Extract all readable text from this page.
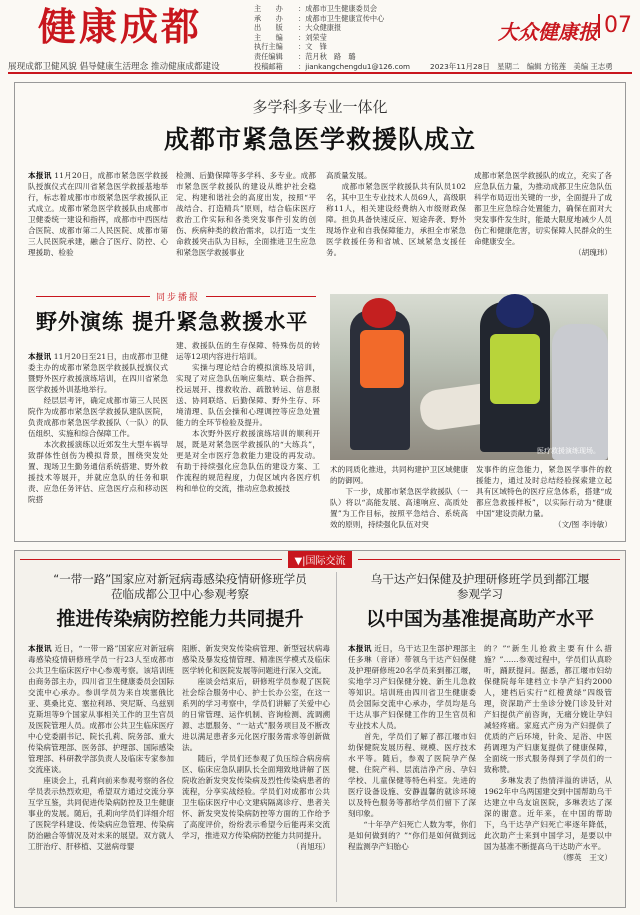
健康成都
展现成都卫健风貌 倡导健康生活理念 推动健康成都建设
主　　办	： 成都市卫生健康委员会
承　　办	： 成都市卫生健康宣传中心
出　　版	： 大众健康报
主　　编	： 刘荣莹
执行主编	： 文　锋
责任编辑	： 范月秋　路　璐
投稿邮箱	： jiankangchengdu1@126.com
大众健康报 07
2023年11月28日 星期二 编辑 方铭莲 美编 王志勇
多学科多专业一体化
成都市紧急医学救援队成立
本报讯 11月20日，成都市紧急医学救援队授旗仪式在四川省紧急医学救援基地举行，标志着成都市市级紧急医学救援队正式成立。成都市紧急医学救援队由成都市卫健委统一建设和指挥，成都市中西医结合医院、成都市第二人民医院、成都市第三人民医院承建，融合了医疗、防控、心理援助、检验
检测、后勤保障等多学科、多专业。成都市紧急医学救援队的建设从维护社会稳定、构建和谐社会的高度出发，按照“平战结合、打造精兵”原则，结合临床医疗救治工作实际和各类突发事件引发的创伤、疾病种类的救治需求，以打造一支生命救援突击队为目标，全面推进卫生应急和紧急医学救援事业
高质量发展。
　　成都市紧急医学救援队共有队员102名，其中卫生专业技术人员69人，高级职称11人，相关建设经费纳入市级财政保障。担负具备快速反应、短途奔袭、野外现场作业和自我保障能力，承担全市紧急医学救援任务和省城、区域紧急支援任务。
成都市紧急医学救援队的成立，充实了各应急队伍力量，为推动成都卫生应急队伍科学布局迈出关键的一步，全面提升了成都卫生应急综合处置能力，确保在面对大突发事件发生时，能最大限度地减少人员伤亡和健康危害，切实保障人民群众的生命健康安全。
（胡瑰玮）
同步播报
野外演练 提升紧急救援水平

本报讯 11月20日至21日，由成都市卫健委主办的成都市紧急医学救援队授旗仪式暨野外医疗救援演练培训，在四川省紧急医学救援外训基地举行。
　　经层层考评，确定成都市第三人民医院作为成都市紧急医学救援队建队医院，负责成都市紧急医学救援队（一队）的队伍组织、实施和综合保障工作。
　　本次救援演练以近郊发生大型车祸导致群体性创伤为模拟背景，围绕突发处置、现场卫生勤务通信系统搭建、野外救援技术等展开，并就应急队的任务和职责、应急任务评估、应急医疗点和移动医院搭

建、救援队伍的生存保障、特殊伤员的转运等12项内容进行培训。
　　实操与理论结合的模拟演练及培训，实现了对应急队伍响应集结、联合指挥、投运展开、搜救收治、疏散转运、信息报送、协同联络、后勤保障、野外生存、环境清理、队伍会操和心理调控等应急处置能力的全环节检验及提升。
　　本次野外医疗救援演练培训的顺利开展，既是对紧急医学救援队的“大练兵”，更是对全市医疗急救能力建设的再发动。有助于持续强化应急队伍的建设方案、工作流程的规范程度，力促区域内各医疗机构和单位的交流，推动应急救援技
医疗救援演练现场。
术的同质化推进，共同构建护卫区域健康的防御网。
　　下一步，成都市紧急医学救援队（一队）将以“高能发展、高速响应、高质处置”为工作目标，按照平急结合、系统高效的原则，持续强化队伍对突
发事件的应急能力，紧急医学事件的救援能力，通过及时总结经验探索建立起具有区域特色的医疗应急体系，搭建“成都应急救援样板”，以实际行动为“健康中国”建设贡献力量。
（文/图 李诗敏）
▼|国际交流
“一带一路”国家应对新冠病毒感染疫情研修班学员
莅临成都公卫中心参观考察
推进传染病防控能力共同提升

本报讯 近日，“一带一路”国家应对新冠病毒感染疫情研修班学员一行23人至成都市公共卫生临床医疗中心参观考察。该培训班由商务部主办，四川省卫生健康委员会国际交流中心承办。参训学员为来自埃塞俄比亚、莫桑比克、塞拉利昂、突尼斯、乌兹别克斯坦等9个国家从事相关工作的卫生官员及医院管理人员。成都市公共卫生临床医疗中心党委副书记、院长孔莉、院务部、重大传染病管理部、医务部、护理部、国际感染管理部、科研教学部负责人及临床专家参加交流座谈。
　　座谈会上，孔莉向前来参观考察的各位学员表示热烈欢迎，希望双方通过交流分享互学互鉴，共同促进传染病防控及卫生健康事业的发展。随后，孔莉向学员们详细介绍了医院学科建设、传染病应急管理、传染病防治融合等情况及对未来的展望。双方就人工肝治疗、肝移植、艾滋病母婴

阻断、新发突发传染病管理、新型冠状病毒感染及暴发疫情管理、精准医学模式及临床医学转化和医院发展等问题进行深入交流。
　　座谈会结束后，研修班学员参观了医院社会综合服务中心、护士长办公室，在这一系列的学习考察中，学员们讲解了关爱中心的日常管理、运作机制、咨询检测、流调溯源、志愿服务、“一站式”服务项目及不断改进以满足患者多元化医疗服务需求等创新做法。
　　随后，学员们还参观了负压综合病房病区、临床应急队副队长全面翔致地讲解了医院收治新发突发传染病及烈性传染病患者的流程，分享实战经验。学员们对成都市公共卫生临床医疗中心文建病隔离诊疗、患者关怀、新发突发传染病防控等方面的工作给予了高度评价，纷纷表示希望今后能再来交流学习，推进双方传染病防控能力共同提升。

（肖旭珏）

乌干达产妇保健及护理研修班学员到都江堰
参观学习
以中国为基准提高助产水平

本报讯 近日，乌干达卫生部护理部主任多琳（音译）带领乌干达产妇保健及护理研修班20名学员来到都江堰，实地学习产妇保健分娩、新生儿急救等知识。培训班由四川省卫生健康委员会国际交流中心承办，学员均是乌干达从事产妇保健工作的卫生官员和专业技术人员。
　　首先，学员们了解了都江堰市妇幼保健院发展历程、规模、医疗技术水平等。随后，参观了医院孕产保健、住院产科、层流洁净产房、孕妇学校、儿童保健等特色科室。先进的医疗设备设施、安静温馨的就诊环境以及特色服务等都给学员们留下了深刻印象。
　　“十年孕产妇死亡人数为零，你们是如何做到的？”“你们是如何做到远程监测孕产妇胎心

的？”“新生儿抢救主要有什么措施？”……参观过程中，学员们认真聆听，踊跃提问。据悉，都江堰市妇幼保健院每年建档立卡孕产妇约2000人，建档后实行“红橙黄绿”四级管理，资深助产士坐诊分娩门诊及针对产妇提供产前咨询，无痛分娩让孕妇减轻疼痛。家庭式产房为产妇提供了优质的产后环境，针灸、足浴、中医药调理为产妇康复提供了健康保障，全面统一形式服务得到了学员们的一致称赞。
　　多琳发表了热情洋溢的讲话，从1962年中乌两国建交到中国帮助乌干达建立中乌友谊医院，多琳表达了深深的谢意。近年来，在中国的帮助下，乌干达孕产妇死亡率逐年降低，此次助产士来到中国学习，是要以中国为基准不断提高乌干达助产水平。

（缪英　王文）
